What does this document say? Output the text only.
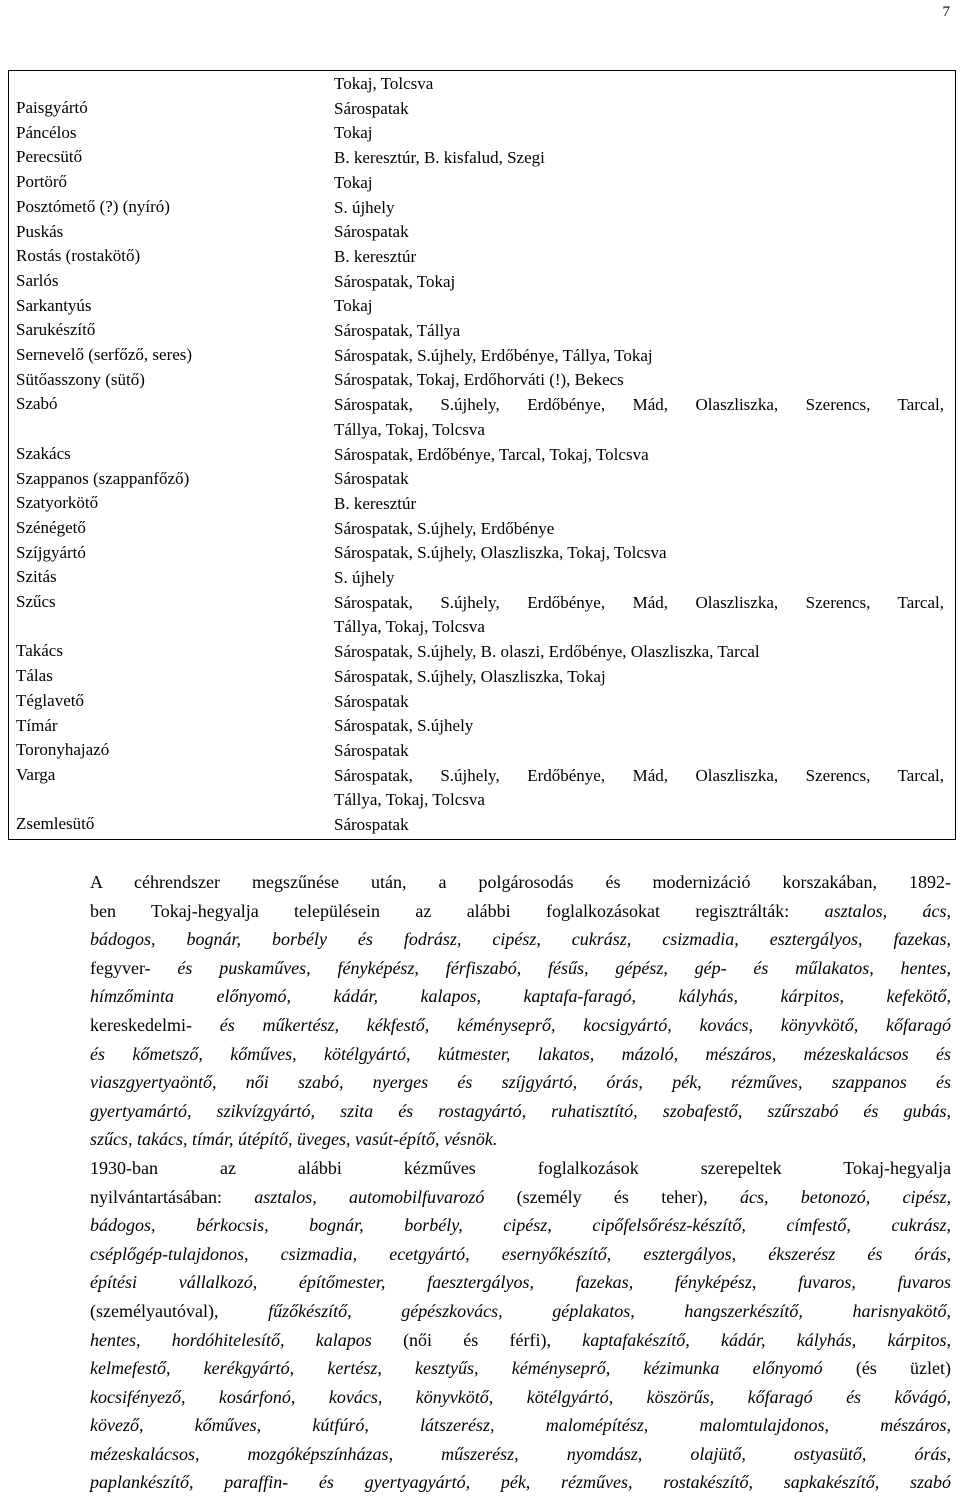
7
Paisgyártó
Páncélos
Perecsütő
Portörő
Posztómető (?) (nyíró)
Puskás
Rostás (rostakötő)
Sarlós
Sarkantyús
Sarukészítő
Sernevelő (serfőző, seres)
Sütőasszony (sütő)
Szabó

Szakács
Szappanos (szappanfőző)
Szatyorkötő
Szénégető
Szíjgyártó
Szitás
Szűcs

Takács
Tálas
Téglavető
Tímár
Toronyhajazó
Varga

Zsemlesütő
Tokaj, Tolcsva
Sárospatak
Tokaj
B. keresztúr, B. kisfalud, Szegi
Tokaj
S. újhely
Sárospatak
B. keresztúr
Sárospatak, Tokaj
Tokaj
Sárospatak, Tállya
Sárospatak, S.újhely, Erdőbénye, Tállya, Tokaj
Sárospatak, Tokaj, Erdőhorváti (!), Bekecs
Sárospatak, S.újhely, Erdőbénye, Mád, Olaszliszka, Szerencs, Tarcal,
Tállya, Tokaj, Tolcsva
Sárospatak, Erdőbénye, Tarcal, Tokaj, Tolcsva
Sárospatak
B. keresztúr
Sárospatak, S.újhely, Erdőbénye
Sárospatak, S.újhely, Olaszliszka, Tokaj, Tolcsva
S. újhely
Sárospatak, S.újhely, Erdőbénye, Mád, Olaszliszka, Szerencs, Tarcal,
Tállya, Tokaj, Tolcsva
Sárospatak, S.újhely, B. olaszi, Erdőbénye, Olaszliszka, Tarcal
Sárospatak, S.újhely, Olaszliszka, Tokaj
Sárospatak
Sárospatak, S.újhely
Sárospatak
Sárospatak, S.újhely, Erdőbénye, Mád, Olaszliszka, Szerencs, Tarcal,
Tállya, Tokaj, Tolcsva
Sárospatak

A céhrendszer megszűnése után, a polgárosodás és modernizáció korszakában, 1892-
ben Tokaj-hegyalja településein az alábbi foglalkozásokat regisztrálták: asztalos, ács,
bádogos, bognár, borbély és fodrász, cipész, cukrász, csizmadia, esztergályos, fazekas,
fegyver- és puskaműves, fényképész, férfiszabó, fésűs, gépész, gép- és műlakatos, hentes,
hímzőminta előnyomó, kádár, kalapos, kaptafa-faragó, kályhás, kárpitos, kefekötő,
kereskedelmi- és műkertész, kékfestő, kéményseprő, kocsigyártó, kovács, könyvkötő, kőfaragó
és kőmetsző, kőműves, kötélgyártó, kútmester, lakatos, mázoló, mészáros, mézeskalácsos és
viaszgyertyaöntő, női szabó, nyerges és szíjgyártó, órás, pék, rézműves, szappanos és
gyertyamártó, szikvízgyártó, szita és rostagyártó, ruhatisztító, szobafestő, szűrszabó és gubás,
szűcs, takács, tímár, útépítő, üveges, vasút-építő, vésnök.

1930-ban az alábbi kézműves foglalkozások szerepeltek Tokaj-hegyalja
nyilvántartásában: asztalos, automobilfuvarozó (személy és teher), ács, betonozó, cipész,
bádogos, bérkocsis, bognár, borbély, cipész, cipőfelsőrész-készítő, címfestő, cukrász,
cséplőgép-tulajdonos, csizmadia, ecetgyártó, esernyőkészítő, esztergályos, ékszerész és órás,
építési vállalkozó, építőmester, faesztergályos, fazekas, fényképész, fuvaros, fuvaros
(személyautóval), fűzőkészítő, gépészkovács, géplakatos, hangszerkészítő, harisnyakötő,
hentes, hordóhitelesítő, kalapos (női és férfi), kaptafakészítő, kádár, kályhás, kárpitos,
kelmefestő, kerékgyártó, kertész, kesztyűs, kéményseprő, kézimunka előnyomó (és üzlet)
kocsifényező, kosárfonó, kovács, könyvkötő, kötélgyártó, köszörűs, kőfaragó és kővágó,
kövező, kőműves, kútfúró, látszerész, malomépítész, malomtulajdonos, mészáros,
mézeskalácsos, mozgóképszínházas, műszerész, nyomdász, olajütő, ostyasütő, órás,
paplankészítő, paraffin- és gyertyagyártó, pék, rézműves, rostakészítő, sapkakészítő, szabó
